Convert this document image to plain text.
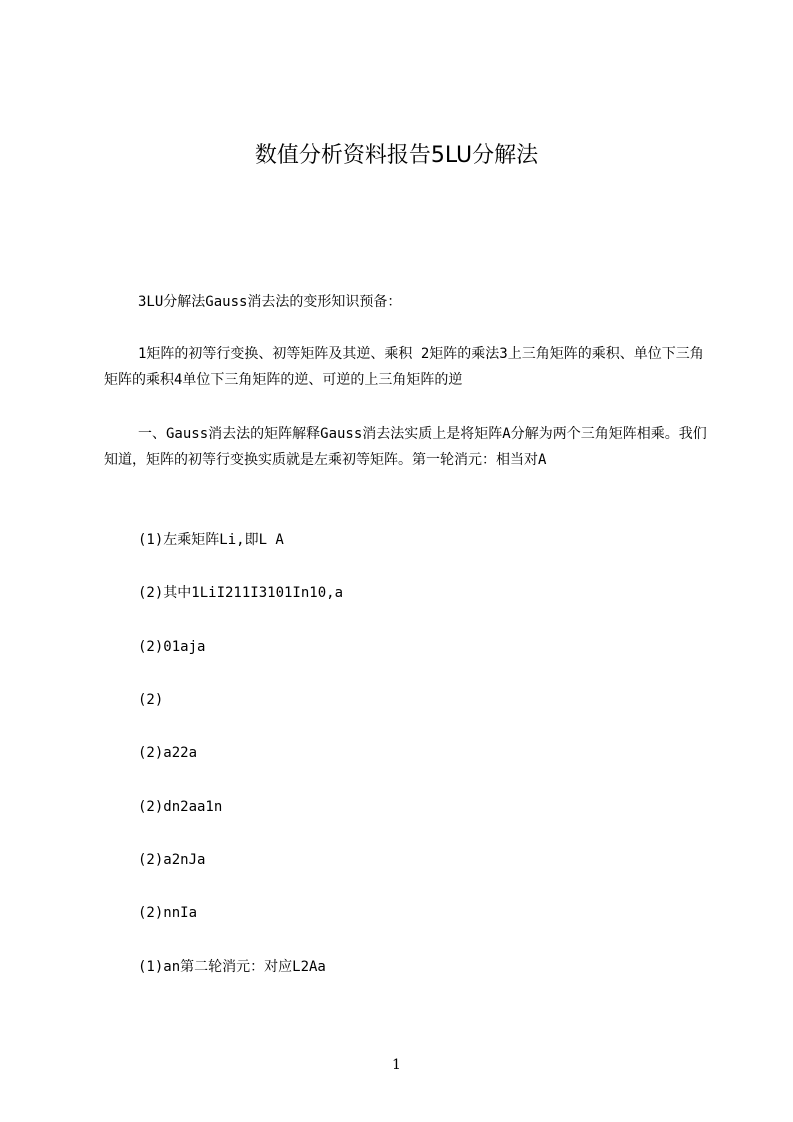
数值分析资料报告5LU分解法

3LU分解法Gauss消去法的变形知识预备：

1矩阵的初等行变换、初等矩阵及其逆、乘积 2矩阵的乘法3上三角矩阵的乘积、单位下三角矩阵的乘积4单位下三角矩阵的逆、可逆的上三角矩阵的逆

一、Gauss消去法的矩阵解释Gauss消去法实质上是将矩阵A分解为两个三角矩阵相乘。我们知道，矩阵的初等行变换实质就是左乘初等矩阵。第一轮消元：相当对A

(1)左乘矩阵Li,即L A

(2)其中1LiI211I3101In10,a

(2)01aja

(2)

(2)a22a

(2)dn2aa1n

(2)a2nJa

(2)nnIa

(1)an第二轮消元：对应L2Aa

1
